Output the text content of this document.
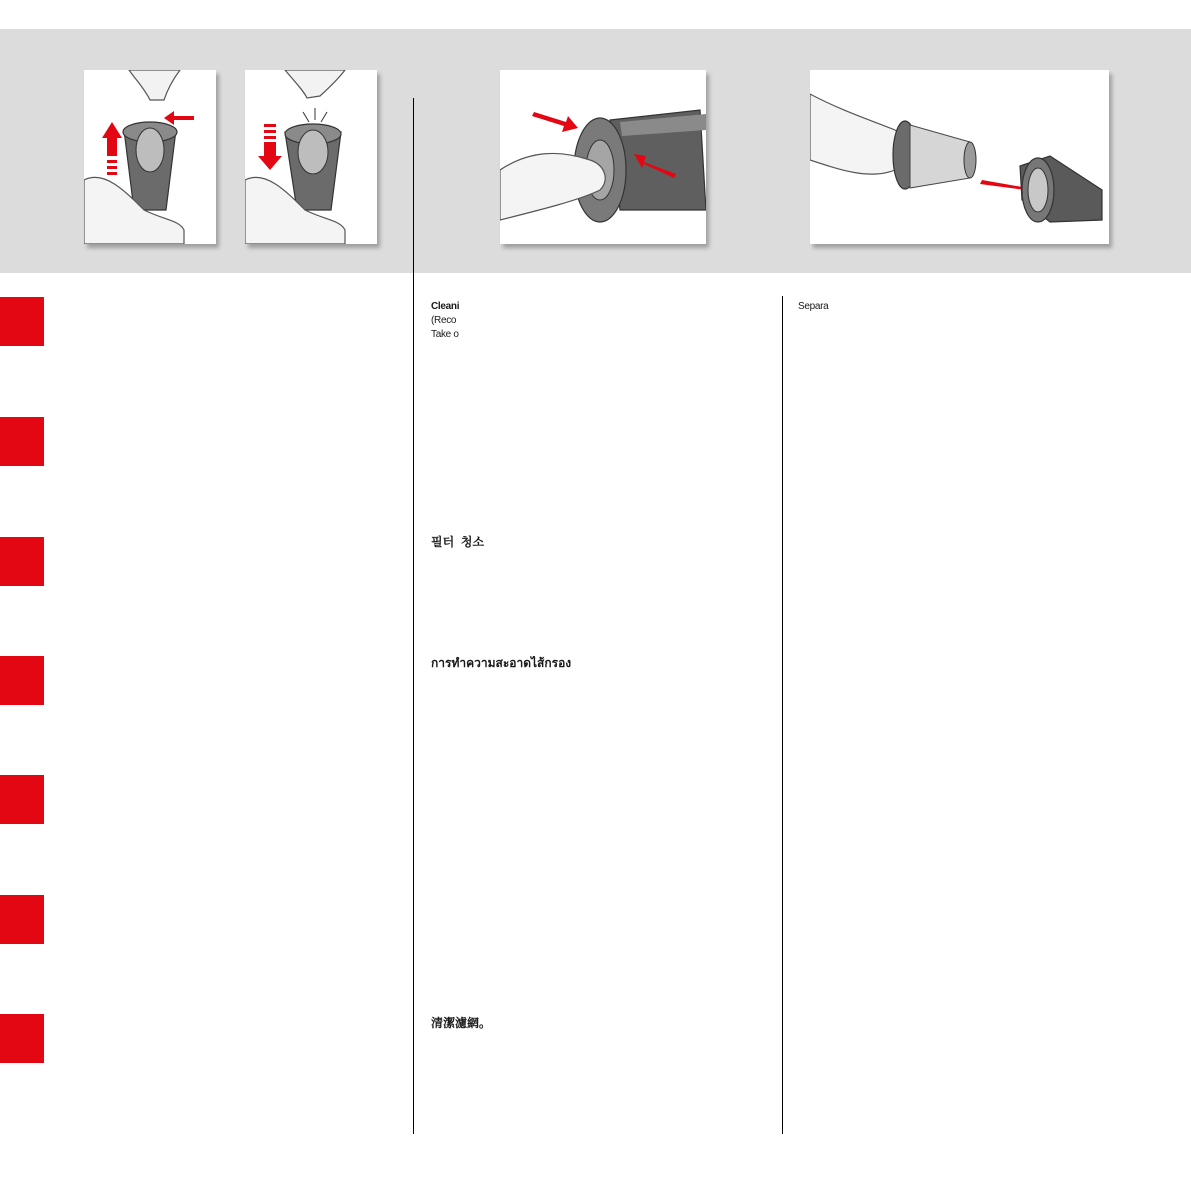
Cleani
(Reco
Take o
필터  청소
การทำความสะอาดไส้กรอง
清潔濾網。
Separa
